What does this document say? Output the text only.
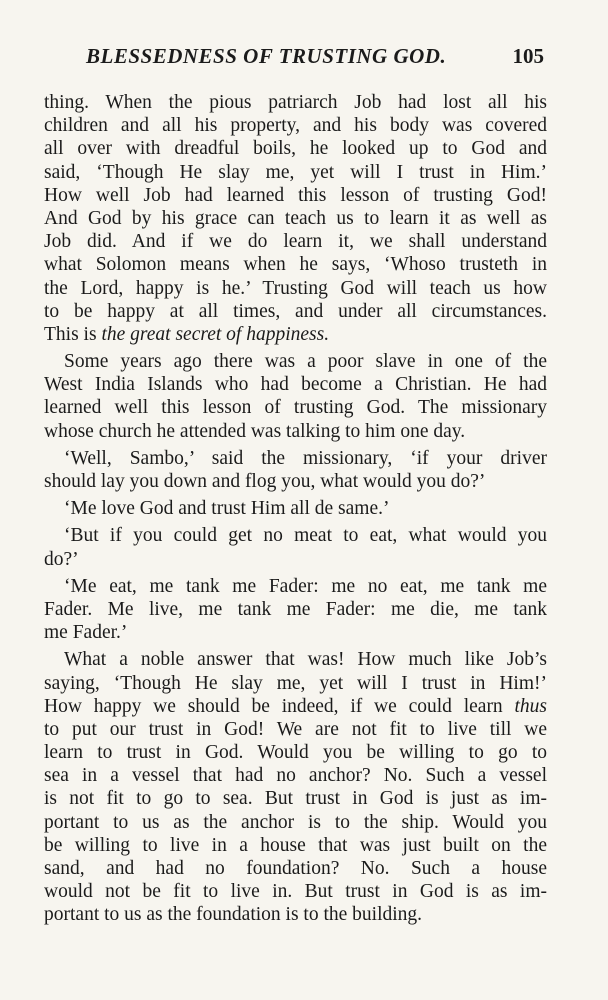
BLESSEDNESS OF TRUSTING GOD.	105
thing. When the pious patriarch Job had lost all his
children and all his property, and his body was covered
all over with dreadful boils, he looked up to God and
said, ‘Though He slay me, yet will I trust in Him.’
How well Job had learned this lesson of trusting God!
And God by his grace can teach us to learn it as well as
Job did. And if we do learn it, we shall understand
what Solomon means when he says, ‘Whoso trusteth in
the Lord, happy is he.’ Trusting God will teach us how
to be happy at all times, and under all circumstances.
This is the great secret of happiness.
Some years ago there was a poor slave in one of the
West India Islands who had become a Christian. He had
learned well this lesson of trusting God. The missionary
whose church he attended was talking to him one day.
‘Well, Sambo,’ said the missionary, ‘if your driver
should lay you down and flog you, what would you do?’
‘Me love God and trust Him all de same.’
‘But if you could get no meat to eat, what would you
do?’
‘Me eat, me tank me Fader: me no eat, me tank me
Fader. Me live, me tank me Fader: me die, me tank
me Fader.’
What a noble answer that was! How much like Job’s
saying, ‘Though He slay me, yet will I trust in Him!’
How happy we should be indeed, if we could learn thus
to put our trust in God! We are not fit to live till we
learn to trust in God. Would you be willing to go to
sea in a vessel that had no anchor? No. Such a vessel
is not fit to go to sea. But trust in God is just as im-
portant to us as the anchor is to the ship. Would you
be willing to live in a house that was just built on the
sand, and had no foundation? No. Such a house
would not be fit to live in. But trust in God is as im-
portant to us as the foundation is to the building.
